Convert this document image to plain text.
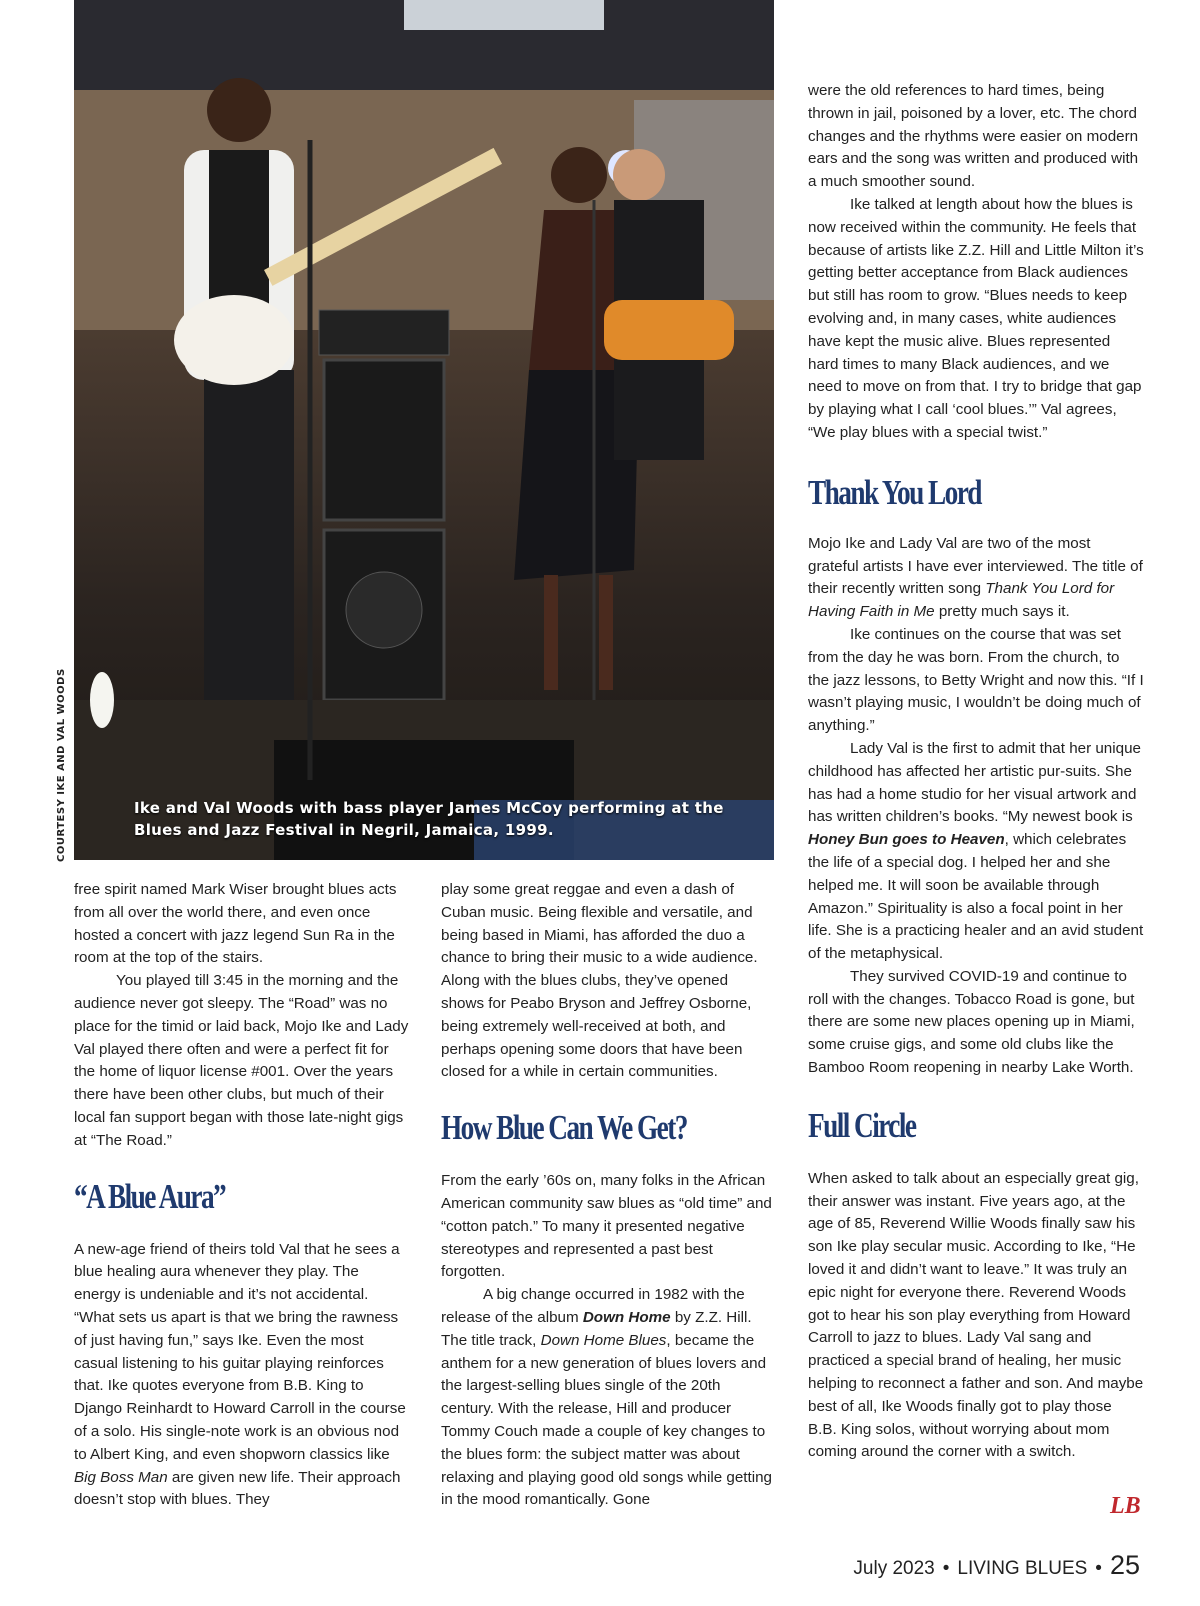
Ike and Val Woods with bass player James McCoy performing at the
Blues and Jazz Festival in Negril, Jamaica, 1999.
COURTESY IKE AND VAL WOODS

free spirit named Mark Wiser brought blues acts from all over the world there, and even once hosted a concert with jazz legend Sun Ra in the room at the top of the stairs.

You played till 3:45 in the morning and the audience never got sleepy. The “Road” was no place for the timid or laid back, Mojo Ike and Lady Val played there often and were a perfect fit for the home of liquor license #001. Over the years there have been other clubs, but much of their local fan support began with those late-night gigs at “The Road.”

“A Blue Aura”

A new-age friend of theirs told Val that he sees a blue healing aura whenever they play. The energy is undeniable and it’s not accidental. “What sets us apart is that we bring the rawness of just having fun,” says Ike. Even the most casual listening to his guitar playing reinforces that. Ike quotes everyone from B.B. King to Django Reinhardt to Howard Carroll in the course of a solo. His single-note work is an obvious nod to Albert King, and even shopworn classics like Big Boss Man are given new life. Their approach doesn’t stop with blues. They

play some great reggae and even a dash of Cuban music. Being flexible and versatile, and being based in Miami, has afforded the duo a chance to bring their music to a wide audience. Along with the blues clubs, they’ve opened shows for Peabo Bryson and Jeffrey Osborne, being extremely well-received at both, and perhaps opening some doors that have been closed for a while in certain communities.

How Blue Can We Get?

From the early ’60s on, many folks in the African American community saw blues as “old time” and “cotton patch.” To many it presented negative stereotypes and represented a past best forgotten.

A big change occurred in 1982 with the release of the album Down Home by Z.Z. Hill. The title track, Down Home Blues, became the anthem for a new generation of blues lovers and the largest-selling blues single of the 20th century. With the release, Hill and producer Tommy Couch made a couple of key changes to the blues form: the subject matter was about relaxing and playing good old songs while getting in the mood romantically. Gone

were the old references to hard times, being thrown in jail, poisoned by a lover, etc. The chord changes and the rhythms were easier on modern ears and the song was written and produced with a much smoother sound.

Ike talked at length about how the blues is now received within the community. He feels that because of artists like Z.Z. Hill and Little Milton it’s getting better acceptance from Black audiences but still has room to grow. “Blues needs to keep evolving and, in many cases, white audiences have kept the music alive. Blues represented hard times to many Black audiences, and we need to move on from that. I try to bridge that gap by playing what I call ‘cool blues.’” Val agrees, “We play blues with a special twist.”

Thank You Lord

Mojo Ike and Lady Val are two of the most grateful artists I have ever interviewed. The title of their recently written song Thank You Lord for Having Faith in Me pretty much says it.

Ike continues on the course that was set from the day he was born. From the church, to the jazz lessons, to Betty Wright and now this. “If I wasn’t playing music, I wouldn’t be doing much of anything.”

Lady Val is the first to admit that her unique childhood has affected her artistic pur-suits. She has had a home studio for her visual artwork and has written children’s books. “My newest book is Honey Bun goes to Heaven, which celebrates the life of a special dog. I helped her and she helped me. It will soon be available through Amazon.” Spirituality is also a focal point in her life. She is a practicing healer and an avid student of the metaphysical.

They survived COVID-19 and continue to roll with the changes. Tobacco Road is gone, but there are some new places opening up in Miami, some cruise gigs, and some old clubs like the Bamboo Room reopening in nearby Lake Worth.

Full Circle

When asked to talk about an especially great gig, their answer was instant. Five years ago, at the age of 85, Reverend Willie Woods finally saw his son Ike play secular music. According to Ike, “He loved it and didn’t want to leave.” It was truly an epic night for everyone there. Reverend Woods got to hear his son play everything from Howard Carroll to jazz to blues. Lady Val sang and practiced a special brand of healing, her music helping to reconnect a father and son. And maybe best of all, Ike Woods finally got to play those B.B. King solos, without worrying about mom coming around the corner with a switch.

LB
July 2023 • LIVING BLUES • 25
